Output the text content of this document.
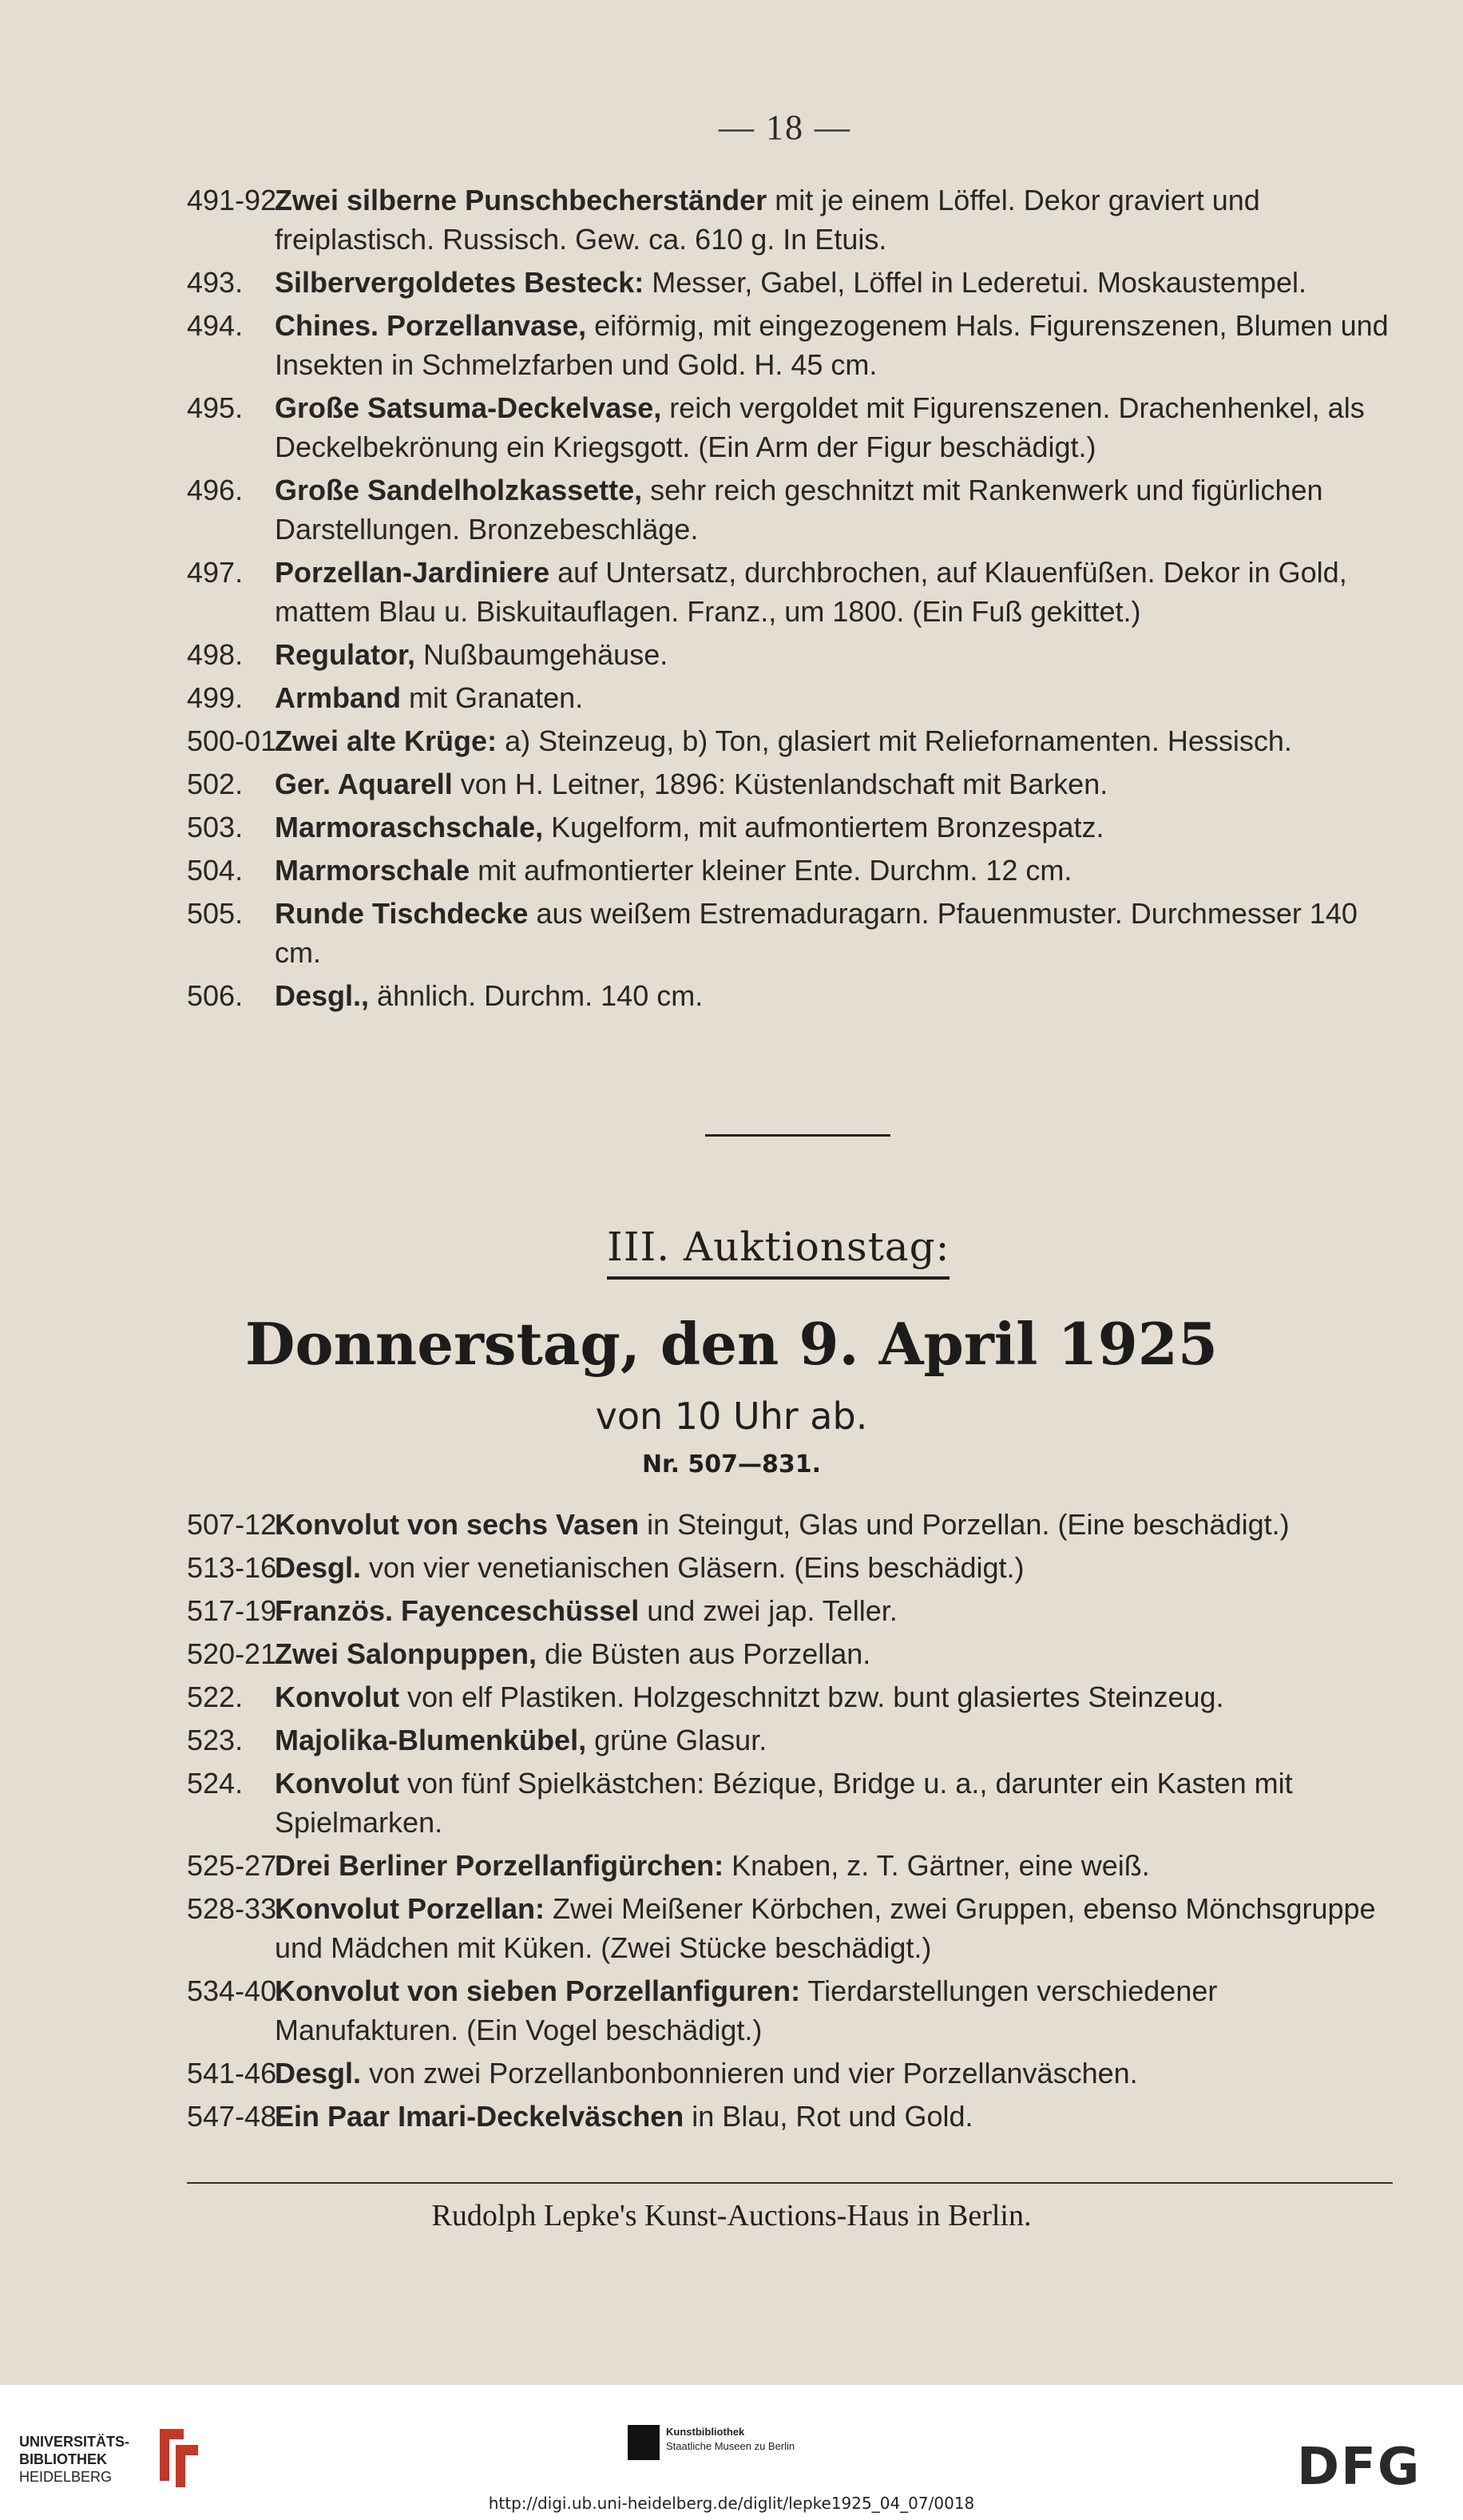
— 18 —
491-92.
Zwei silberne Punschbecherständer mit je einem Löffel. Dekor graviert und freiplastisch. Russisch. Gew. ca. 610 g. In Etuis.
493. Silbervergoldetes Besteck: Messer, Gabel, Löffel in Lederetui. Moskaustempel.
494. Chines. Porzellanvase, eiförmig, mit eingezogenem Hals. Figurenszenen, Blumen und Insekten in Schmelzfarben und Gold. H. 45 cm.
495. Große Satsuma-Deckelvase, reich vergoldet mit Figurenszenen. Drachenhenkel, als Deckelbekrönung ein Kriegsgott. (Ein Arm der Figur beschädigt.)
496. Große Sandelholzkassette, sehr reich geschnitzt mit Rankenwerk und figürlichen Darstellungen. Bronzebeschläge.
497. Porzellan-Jardiniere auf Untersatz, durchbrochen, auf Klauenfüßen. Dekor in Gold, mattem Blau u. Biskuitauflagen. Franz., um 1800. (Ein Fuß gekittet.)
498. Regulator, Nußbaumgehäuse.
499. Armband mit Granaten.
500-01.
Zwei alte Krüge: a) Steinzeug, b) Ton, glasiert mit Reliefornamenten. Hessisch.
502. Ger. Aquarell von H. Leitner, 1896: Küstenlandschaft mit Barken.
503. Marmoraschschale, Kugelform, mit aufmontiertem Bronzespatz.
504. Marmorschale mit aufmontierter kleiner Ente. Durchm. 12 cm.
505. Runde Tischdecke aus weißem Estremaduragarn. Pfauenmuster. Durchmesser 140 cm.
506. Desgl., ähnlich. Durchm. 140 cm.
III. Auktionstag:
Donnerstag, den 9. April 1925
von 10 Uhr ab.
Nr. 507—831.
507-12.
Konvolut von sechs Vasen in Steingut, Glas und Porzellan. (Eine beschädigt.)
513-16.
Desgl. von vier venetianischen Gläsern. (Eins beschädigt.)
517-19.
Französ. Fayenceschüssel und zwei jap. Teller.
520-21.
Zwei Salonpuppen, die Büsten aus Porzellan.
522. Konvolut von elf Plastiken. Holzgeschnitzt bzw. bunt glasiertes Steinzeug.
523. Majolika-Blumenkübel, grüne Glasur.
524. Konvolut von fünf Spielkästchen: Bézique, Bridge u. a., darunter ein Kasten mit Spielmarken.
525-27.
Drei Berliner Porzellanfigürchen: Knaben, z. T. Gärtner, eine weiß.
528-33.
Konvolut Porzellan: Zwei Meißener Körbchen, zwei Gruppen, ebenso Mönchsgruppe und Mädchen mit Küken. (Zwei Stücke beschädigt.)
534-40.
Konvolut von sieben Porzellanfiguren: Tierdarstellungen verschiedener Manufakturen. (Ein Vogel beschädigt.)
541-46.
Desgl. von zwei Porzellanbonbonnieren und vier Porzellanväschen.
547-48.
Ein Paar Imari-Deckelväschen in Blau, Rot und Gold.
Rudolph Lepke's Kunst-Auctions-Haus in Berlin.
UNIVERSITÄTS-
BIBLIOTHEK
HEIDELBERG
Kunstbibliothek
Staatliche Museen zu Berlin	DFG
http://digi.ub.uni-heidelberg.de/diglit/lepke1925_04_07/0018
